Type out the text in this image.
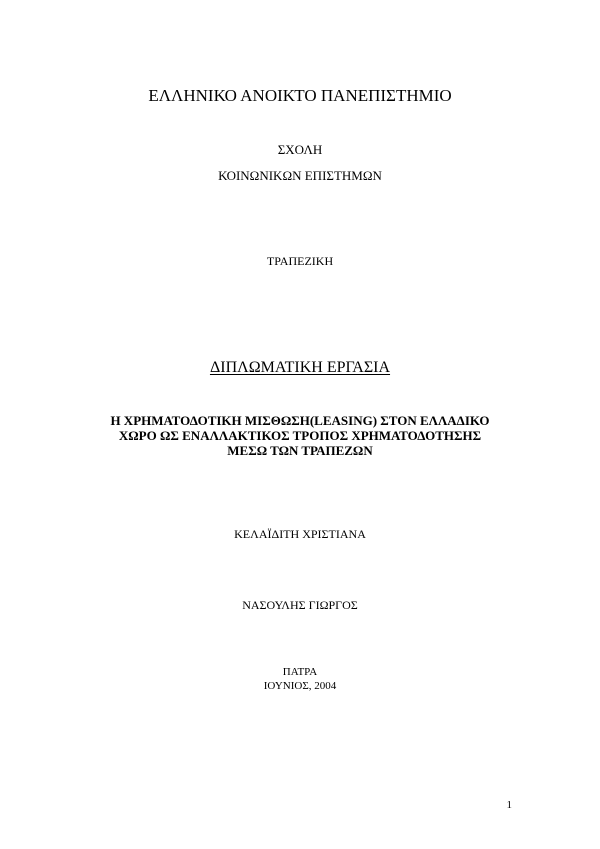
ΕΛΛΗΝΙΚΟ ΑΝΟΙΚΤΟ ΠΑΝΕΠΙΣΤΗΜΙΟ
ΣΧΟΛΗ
ΚΟΙΝΩΝΙΚΩΝ ΕΠΙΣΤΗΜΩΝ
ΤΡΑΠΕΖΙΚΗ
ΔΙΠΛΩΜΑΤΙΚΗ ΕΡΓΑΣΙΑ
Η ΧΡΗΜΑΤΟΔΟΤΙΚΗ ΜΙΣΘΩΣΗ(LEASING) ΣΤΟΝ ΕΛΛΑΔΙΚΟ
ΧΩΡΟ ΩΣ ΕΝΑΛΛΑΚΤΙΚΟΣ ΤΡΟΠΟΣ ΧΡΗΜΑΤΟΔΟΤΗΣΗΣ
ΜΕΣΩ ΤΩΝ ΤΡΑΠΕΖΩΝ
ΚΕΛΑΪΔΙΤΗ ΧΡΙΣΤΙΑΝΑ
ΝΑΣΟΥΛΗΣ ΓΙΩΡΓΟΣ
ΠΑΤΡΑ
ΙΟΥΝΙΟΣ, 2004
1
